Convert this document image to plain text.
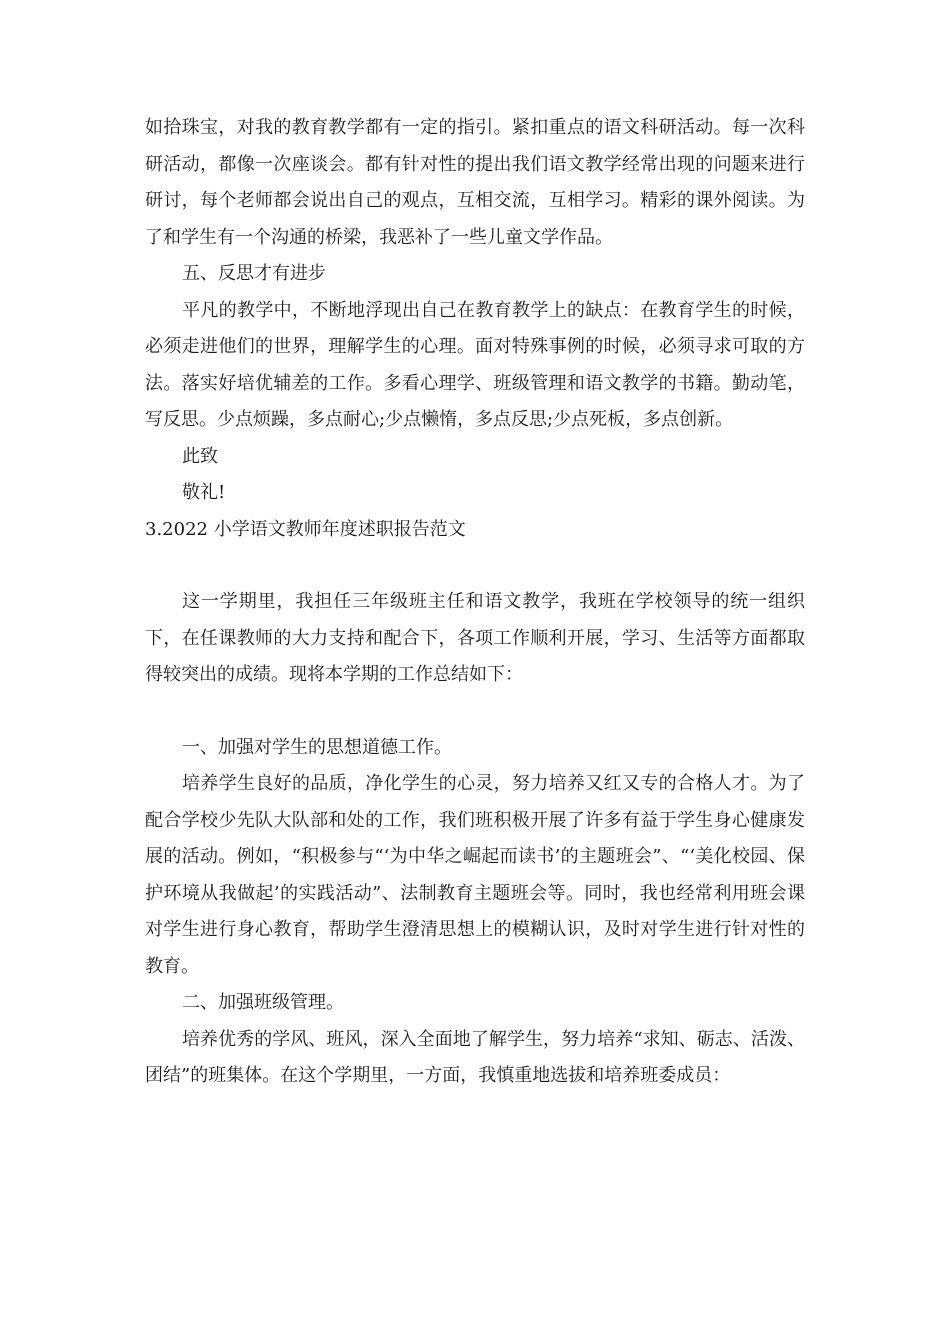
如拾珠宝，对我的教育教学都有一定的指引。紧扣重点的语文科研活动。每一次科研活动，都像一次座谈会。都有针对性的提出我们语文教学经常出现的问题来进行研讨，每个老师都会说出自己的观点，互相交流，互相学习。精彩的课外阅读。为了和学生有一个沟通的桥梁，我恶补了一些儿童文学作品。

五、反思才有进步

平凡的教学中，不断地浮现出自己在教育教学上的缺点：在教育学生的时候，必须走进他们的世界，理解学生的心理。面对特殊事例的时候，必须寻求可取的方法。落实好培优辅差的工作。多看心理学、班级管理和语文教学的书籍。勤动笔，写反思。少点烦躁，多点耐心;少点懒惰，多点反思;少点死板，多点创新。

此致

敬礼!

3.2022 小学语文教师年度述职报告范文

这一学期里，我担任三年级班主任和语文教学，我班在学校领导的统一组织下，在任课教师的大力支持和配合下，各项工作顺利开展，学习、生活等方面都取得较突出的成绩。现将本学期的工作总结如下：

一、加强对学生的思想道德工作。

培养学生良好的品质，净化学生的心灵，努力培养又红又专的合格人才。为了配合学校少先队大队部和处的工作，我们班积极开展了许多有益于学生身心健康发展的活动。例如，“积极参与“‘为中华之崛起而读书’的主题班会”、“‘美化校园、保护环境从我做起’的实践活动”、法制教育主题班会等。同时，我也经常利用班会课对学生进行身心教育，帮助学生澄清思想上的模糊认识，及时对学生进行针对性的教育。

二、加强班级管理。

培养优秀的学风、班风，深入全面地了解学生，努力培养“求知、砺志、活泼、团结”的班集体。在这个学期里，一方面，我慎重地选拔和培养班委成员：
